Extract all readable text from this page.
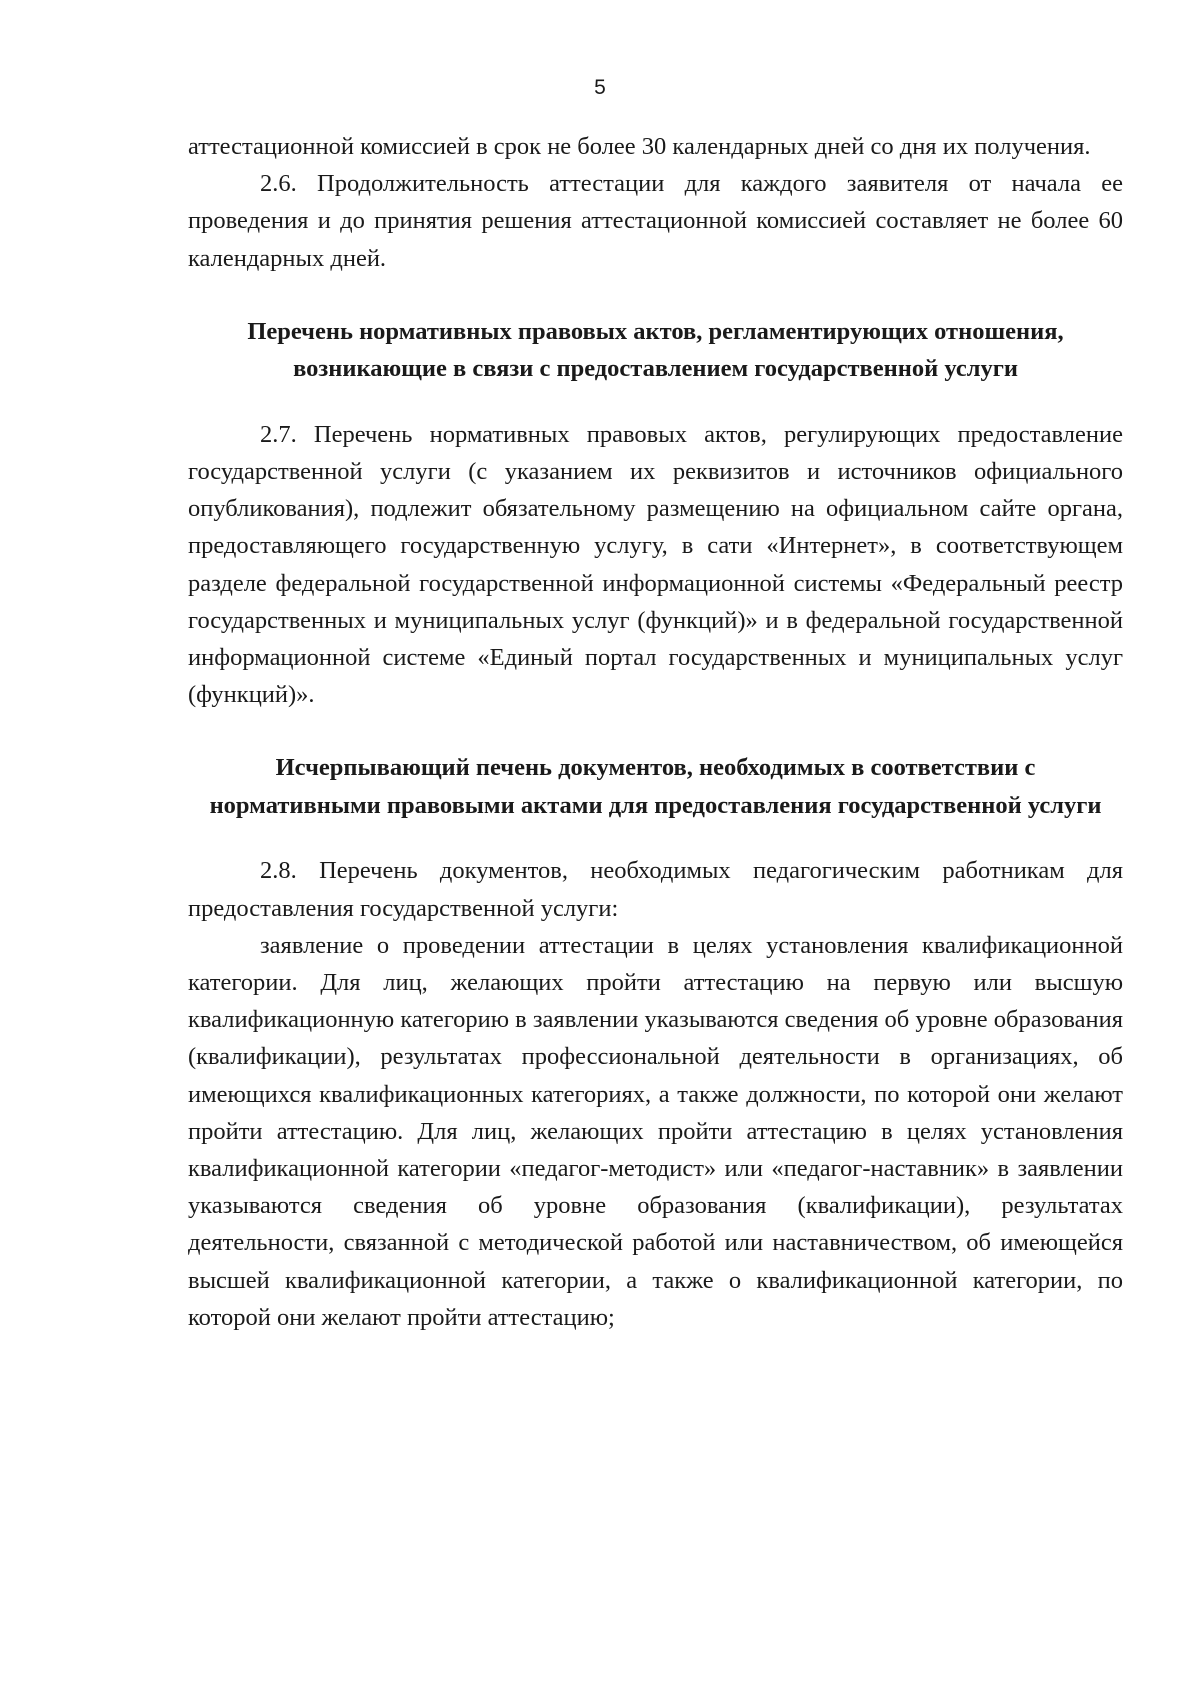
5

аттестационной комиссией в срок не более 30 календарных дней со дня их получения.

2.6. Продолжительность аттестации для каждого заявителя от начала ее проведения и до принятия решения аттестационной комиссией составляет не более 60 календарных дней.

Перечень нормативных правовых актов, регламентирующих отношения, возникающие в связи с предоставлением государственной услуги

2.7. Перечень нормативных правовых актов, регулирующих предоставление государственной услуги (с указанием их реквизитов и источников официального опубликования), подлежит обязательному размещению на официальном сайте органа, предоставляющего государственную услугу, в сати «Интернет», в соответствующем разделе федеральной государственной информационной системы «Федеральный реестр государственных и муниципальных услуг (функций)» и в федеральной государственной информационной системе «Единый портал государственных и муниципальных услуг (функций)».

Исчерпывающий печень документов, необходимых в соответствии с нормативными правовыми актами для предоставления государственной услуги

2.8. Перечень документов, необходимых педагогическим работникам для предоставления государственной услуги:

заявление о проведении аттестации в целях установления квалификационной категории. Для лиц, желающих пройти аттестацию на первую или высшую квалификационную категорию в заявлении указываются сведения об уровне образования (квалификации), результатах профессиональной деятельности в организациях, об имеющихся квалификационных категориях, а также должности, по которой они желают пройти аттестацию. Для лиц, желающих пройти аттестацию в целях установления квалификационной категории «педагог-методист» или «педагог-наставник» в заявлении указываются сведения об уровне образования (квалификации), результатах деятельности, связанной с методической работой или наставничеством, об имеющейся высшей квалификационной категории, а также о квалификационной категории, по которой они желают пройти аттестацию;
